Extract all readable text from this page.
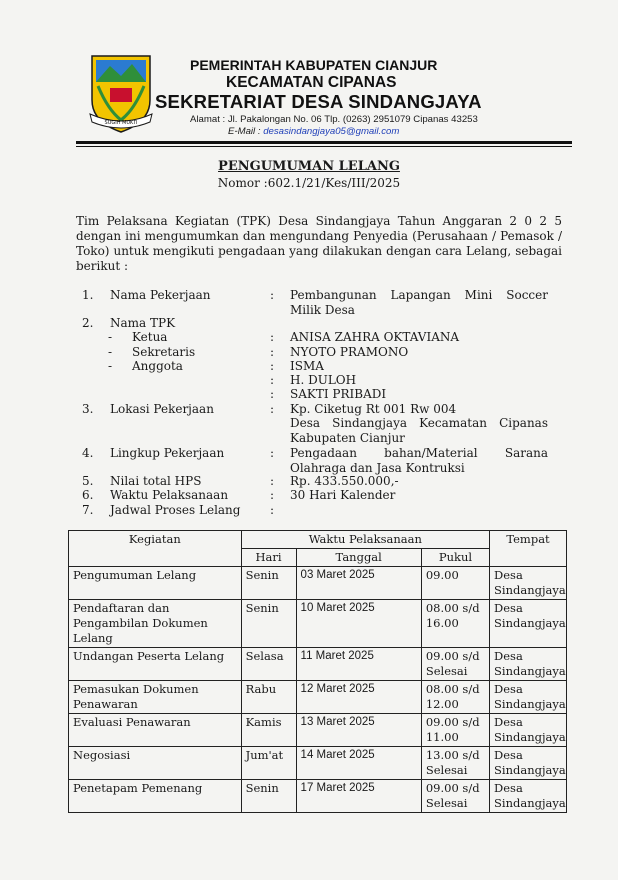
SUGIH MUKTI
PEMERINTAH KABUPATEN CIANJUR
KECAMATAN CIPANAS
SEKRETARIAT DESA SINDANGJAYA
Alamat : Jl. Pakalongan No. 06 Tlp. (0263) 2951079 Cipanas 43253
E-Mail : desasindangjaya05@gmail.com
PENGUMUMAN LELANG
Nomor :602.1/21/Kes/III/2025
Tim Pelaksana Kegiatan (TPK) Desa Sindangjaya Tahun Anggaran 2 0 2 5 dengan ini mengumumkan dan mengundang Penyedia (Perusahaan / Pemasok / Toko) untuk mengikuti pengadaan yang dilakukan dengan cara Lelang, sebagai berikut :
1. Nama Pekerjaan	: Pembangunan Lapangan Mini Soccer Milik Desa
2. Nama TPK
- Ketua	: ANISA ZAHRA OKTAVIANA
- Sekretaris	: NYOTO PRAMONO
- Anggota	: ISMA
: H. DULOH
: SAKTI PRIBADI
3. Lokasi Pekerjaan	: Kp. Ciketug Rt 001 Rw 004
Desa Sindangjaya Kecamatan Cipanas Kabupaten Cianjur
4. Lingkup Pekerjaan	: Pengadaan bahan/Material Sarana Olahraga dan Jasa Kontruksi
5. Nilai total HPS	: Rp. 433.550.000,-
6. Waktu Pelaksanaan	: 30 Hari Kalender
7. Jadwal Proses Lelang :
Kegiatan	Waktu Pelaksanaan			Tempat
	Hari	Tanggal	Pukul	
Pengumuman Lelang	Senin	03 Maret 2025	09.00	Desa Sindangjaya
Pendaftaran dan Pengambilan Dokumen Lelang	Senin	10 Maret 2025	08.00 s/d 16.00	Desa Sindangjaya
Undangan Peserta Lelang	Selasa	11 Maret 2025	09.00 s/d Selesai	Desa Sindangjaya
Pemasukan Dokumen Penawaran	Rabu	12 Maret 2025	08.00 s/d 12.00	Desa Sindangjaya
Evaluasi Penawaran	Kamis	13 Maret 2025	09.00 s/d 11.00	Desa Sindangjaya
Negosiasi	Jum'at	14 Maret 2025	13.00 s/d Selesai	Desa Sindangjaya
Penetapam Pemenang	Senin	17 Maret 2025	09.00 s/d Selesai	Desa Sindangjaya
